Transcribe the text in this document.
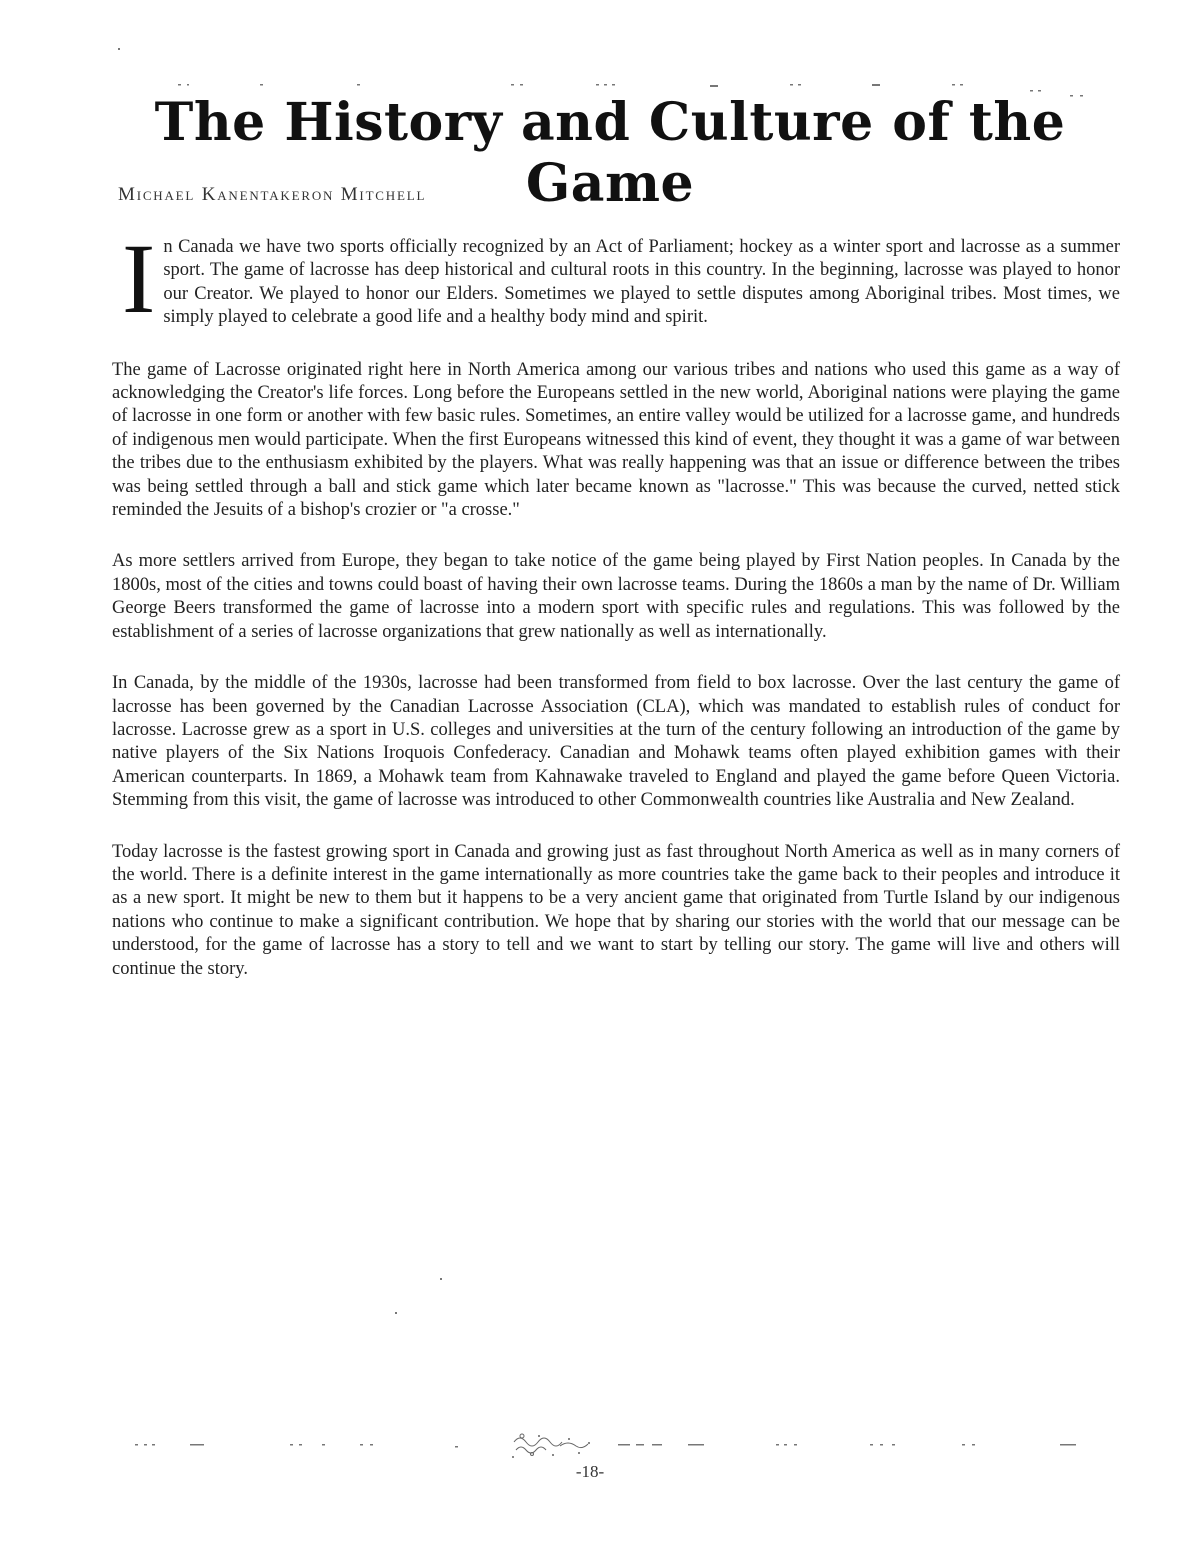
The History and Culture of the Game

Michael Kanentakeron Mitchell

In Canada we have two sports officially recognized by an Act of Parliament; hockey as a winter sport and lacrosse as a summer sport. The game of lacrosse has deep historical and cultural roots in this country. In the beginning, lacrosse was played to honor our Creator. We played to honor our Elders. Sometimes we played to settle disputes among Aboriginal tribes. Most times, we simply played to celebrate a good life and a healthy body mind and spirit.

The game of Lacrosse originated right here in North America among our various tribes and nations who used this game as a way of acknowledging the Creator's life forces. Long before the Europeans settled in the new world, Aboriginal nations were playing the game of lacrosse in one form or another with few basic rules. Sometimes, an entire valley would be utilized for a lacrosse game, and hundreds of indigenous men would participate. When the first Europeans witnessed this kind of event, they thought it was a game of war between the tribes due to the enthusiasm exhibited by the players. What was really happening was that an issue or difference between the tribes was being settled through a ball and stick game which later became known as "lacrosse." This was because the curved, netted stick reminded the Jesuits of a bishop's crozier or "a crosse."

As more settlers arrived from Europe, they began to take notice of the game being played by First Nation peoples. In Canada by the 1800s, most of the cities and towns could boast of having their own lacrosse teams. During the 1860s a man by the name of Dr. William George Beers transformed the game of lacrosse into a modern sport with specific rules and regulations. This was followed by the establishment of a series of lacrosse organizations that grew nationally as well as internationally.

In Canada, by the middle of the 1930s, lacrosse had been transformed from field to box lacrosse. Over the last century the game of lacrosse has been governed by the Canadian Lacrosse Association (CLA), which was mandated to establish rules of conduct for lacrosse. Lacrosse grew as a sport in U.S. colleges and universities at the turn of the century following an introduction of the game by native players of the Six Nations Iroquois Confederacy. Canadian and Mohawk teams often played exhibition games with their American counterparts. In 1869, a Mohawk team from Kahnawake traveled to England and played the game before Queen Victoria. Stemming from this visit, the game of lacrosse was introduced to other Commonwealth countries like Australia and New Zealand.

Today lacrosse is the fastest growing sport in Canada and growing just as fast throughout North America as well as in many corners of the world. There is a definite interest in the game internationally as more countries take the game back to their peoples and introduce it as a new sport. It might be new to them but it happens to be a very ancient game that originated from Turtle Island by our indigenous nations who continue to make a significant contribution. We hope that by sharing our stories with the world that our message can be understood, for the game of lacrosse has a story to tell and we want to start by telling our story. The game will live and others will continue the story.

-18-
